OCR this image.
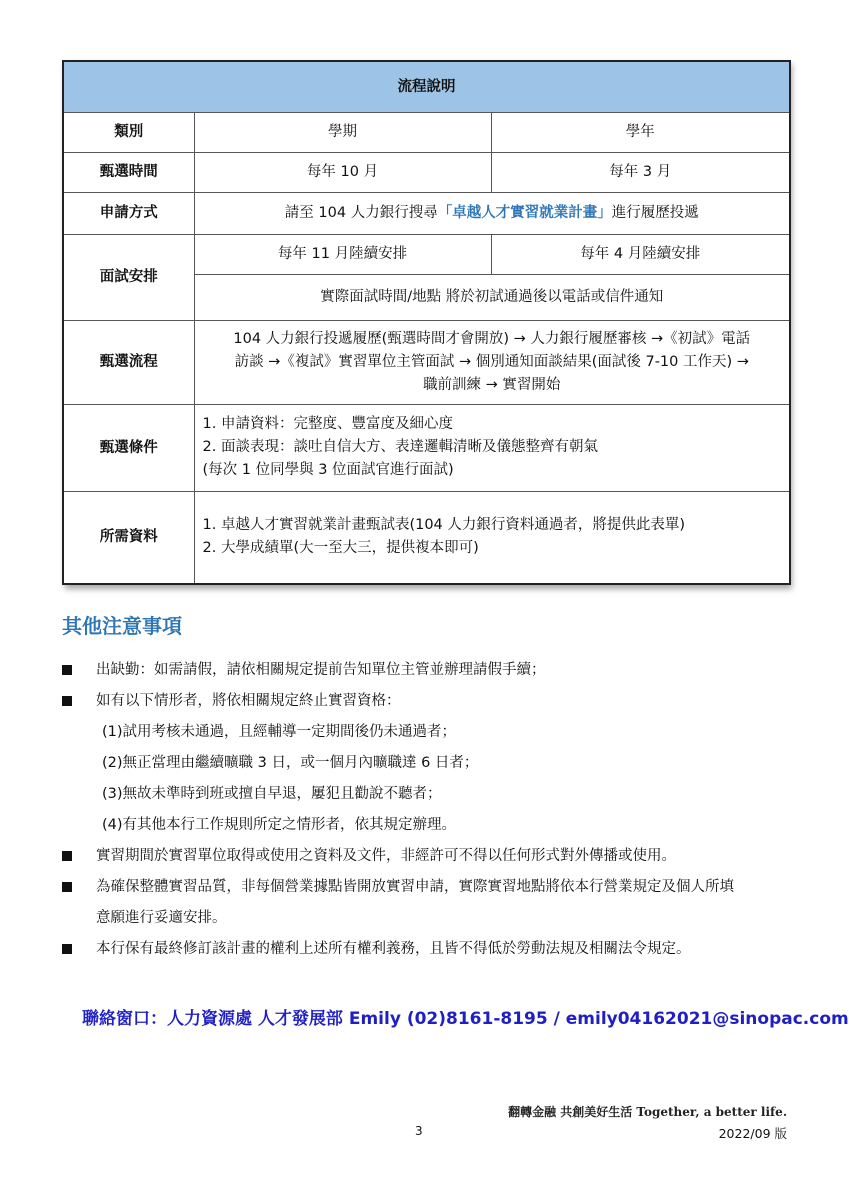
流程說明		
類別	學期	學年
甄選時間	每年 10 月	每年 3 月
申請方式	請至 104 人力銀行搜尋「卓越人才實習就業計畫」進行履歷投遞	
面試安排	每年 11 月陸續安排	每年 4 月陸續安排
	實際面試時間/地點 將於初試通過後以電話或信件通知	
甄選流程	104 人力銀行投遞履歷(甄選時間才會開放) → 人力銀行履歷審核 →《初試》電話
訪談 →《複試》實習單位主管面試 → 個別通知面談結果(面試後 7-10 工作天) →
職前訓練 → 實習開始	

甄選條件	1. 申請資料：完整度、豐富度及細心度
2. 面談表現：談吐自信大方、表達邏輯清晰及儀態整齊有朝氣
(每次 1 位同學與 3 位面試官進行面試)	

所需資料	1. 卓越人才實習就業計畫甄試表(104 人力銀行資料通過者，將提供此表單)
2. 大學成績單(大一至大三，提供複本即可)	
其他注意事項
出缺勤：如需請假，請依相關規定提前告知單位主管並辦理請假手續；
如有以下情形者，將依相關規定終止實習資格：
(1)試用考核未通過，且經輔導一定期間後仍未通過者；
(2)無正當理由繼續曠職 3 日，或一個月內曠職達 6 日者；
(3)無故未準時到班或擅自早退，屢犯且勸說不聽者；
(4)有其他本行工作規則所定之情形者，依其規定辦理。
實習期間於實習單位取得或使用之資料及文件，非經許可不得以任何形式對外傳播或使用。
為確保整體實習品質，非每個營業據點皆開放實習申請，實際實習地點將依本行營業規定及個人所填
意願進行妥適安排。
本行保有最終修訂該計畫的權利上述所有權利義務，且皆不得低於勞動法規及相關法令規定。
聯絡窗口：人力資源處 人才發展部 Emily (02)8161-8195 / emily04162021@sinopac.com
翻轉金融 共創美好生活 Together, a better life.
3	2022/09 版
